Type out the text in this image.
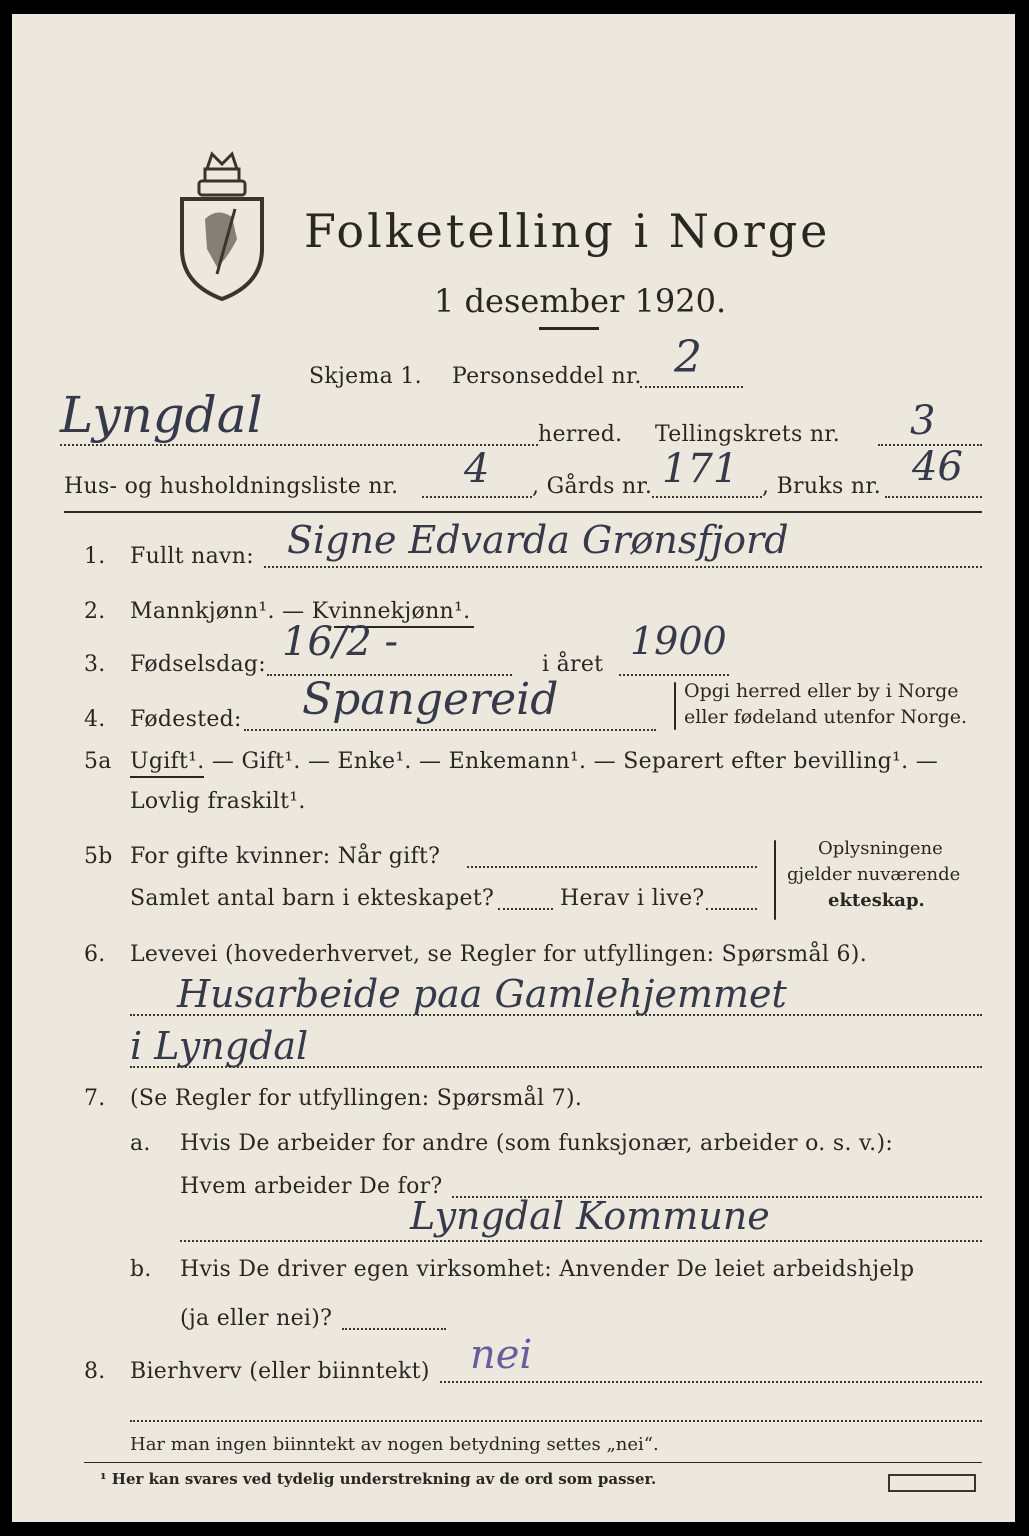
Folketelling i Norge
1 desember 1920.
Skjema 1. Personseddel nr. 2
Lyngdal	herred. Tellingskrets nr. 3
Hus- og husholdningsliste nr. 4 , Gårds nr. 171 , Bruks nr. 46
1. Fullt navn: Signe Edvarda Grønsfjord
2. Mannkjønn¹. — Kvinnekjønn¹.
3. Fødselsdag: 16/2 -	i året
1900
4. Fødested: Spangereid	Opgi herred eller by i Norge
eller fødeland utenfor Norge.
5a Ugift¹. — Gift¹. — Enke¹. — Enkemann¹. — Separert efter bevilling¹. —
Lovlig fraskilt¹.
5b For gifte kvinner: Når gift?
Samlet antal barn i ekteskapet?	Herav i live?
Oplysningene
gjelder nuværende
ekteskap.
6. Levevei (hovederhvervet, se Regler for utfyllingen: Spørsmål 6).
Husarbeide paa Gamlehjemmet
i Lyngdal
7. (Se Regler for utfyllingen: Spørsmål 7).
a. Hvis De arbeider for andre (som funksjonær, arbeider o. s. v.):
Hvem arbeider De for?
Lyngdal Kommune
b. Hvis De driver egen virksomhet: Anvender De leiet arbeidshjelp
(ja eller nei)?
8. Bierhverv (eller biinntekt) nei
Har man ingen biinntekt av nogen betydning settes „nei“.
¹ Her kan svares ved tydelig understrekning av de ord som passer.
